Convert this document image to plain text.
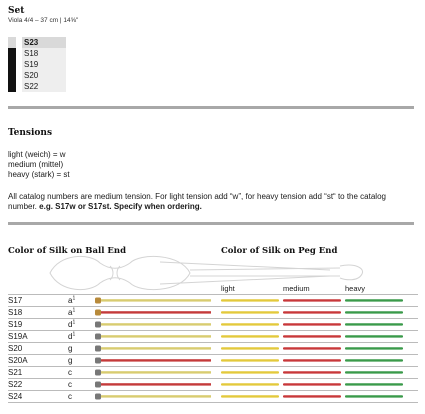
Set
Viola 4/4 – 37 cm | 14⅝"
S23
S18
S19
S20
S22
Tensions
light (weich) = w
medium (mittel)
heavy (stark) = st
All catalog numbers are medium tension. For light tension add “w”, for heavy tension add “st“ to the catalog number. e.g. S17w or S17st. Specify when ordering.
Color of Silk on Ball End	Color of Silk on Peg End
light	medium	heavy
S17	$a^1$
S18	$a^1$
S19	$d^1$
S19A	$d^1$
S20	g
S20A	g
S21	c
S22	c
S24	c
